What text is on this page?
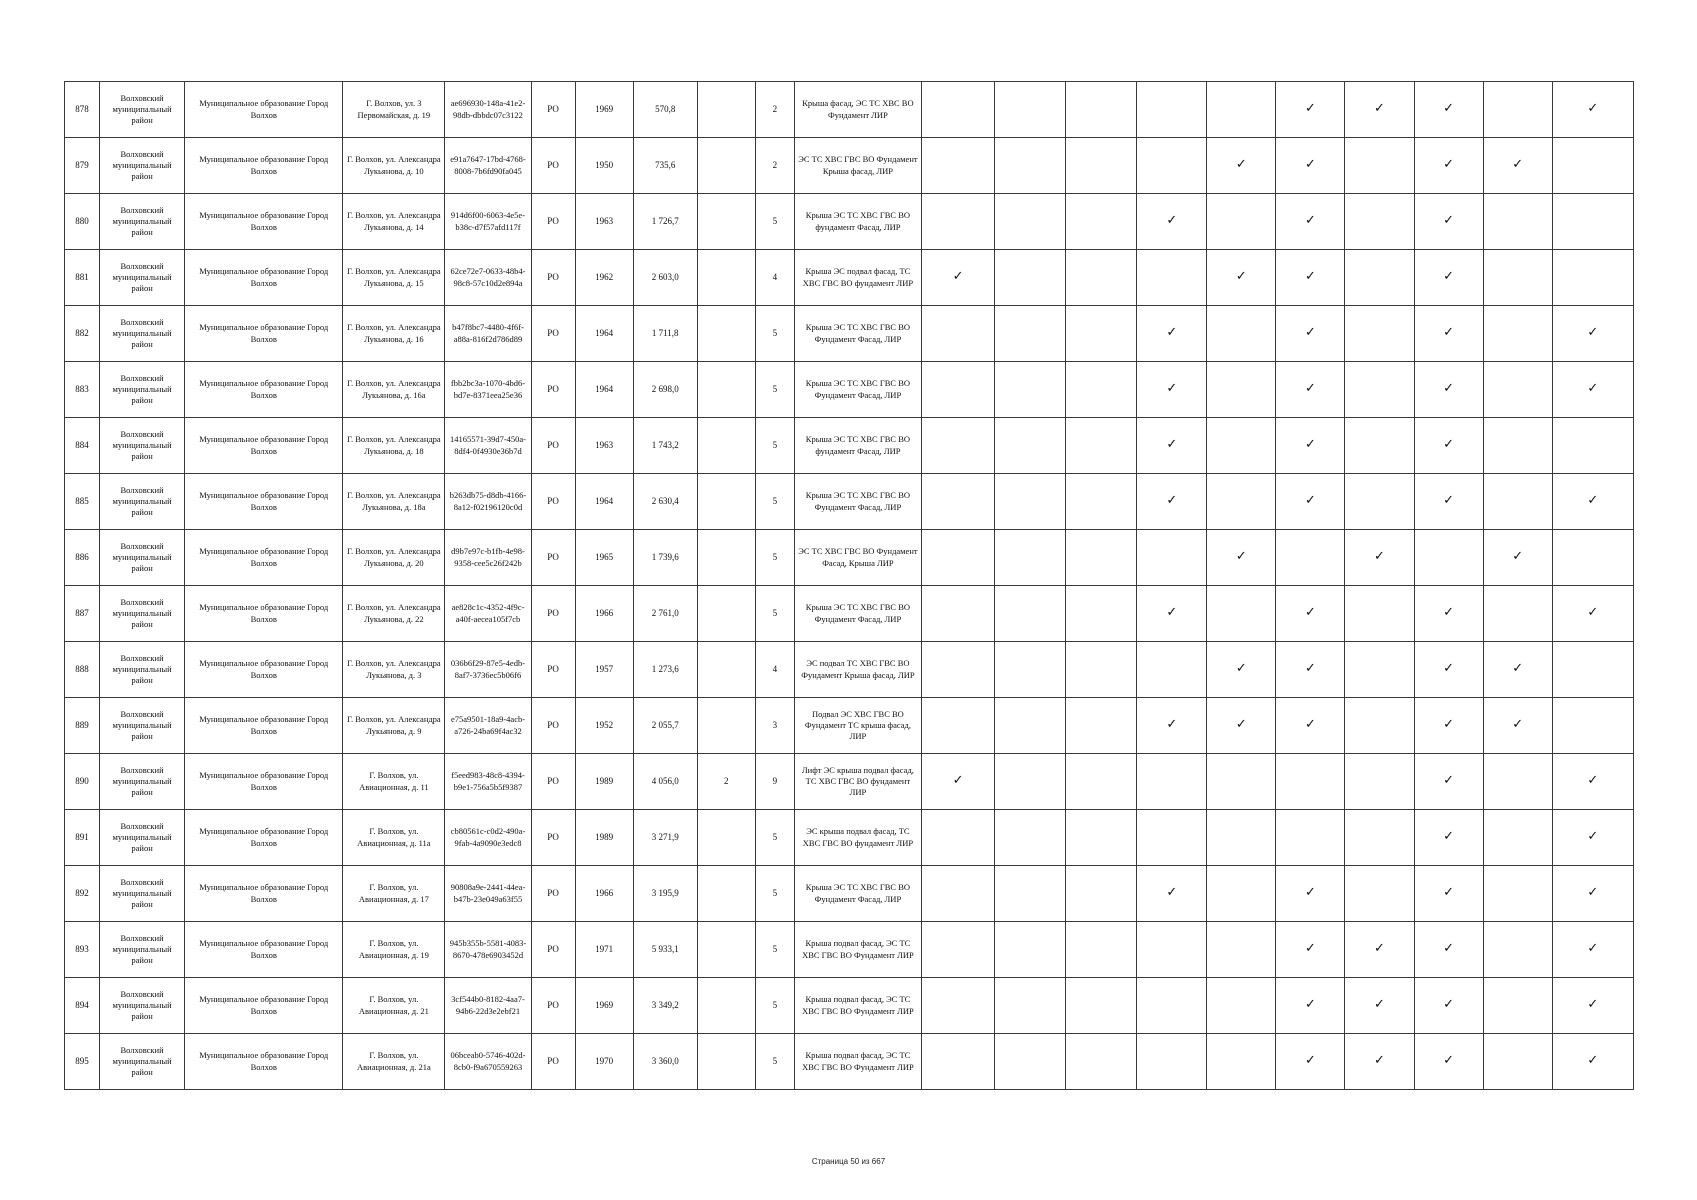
878	Волховский муниципальный район	Муниципальное образование Город Волхов	Г. Волхов, ул. 3 Первомайская, д. 19	ae696930-148a-41e2-98db-dbbdc07c3122	РО	1969	570,8		2	Крыша фасад, ЭС ТС ХВС ВО Фундамент ЛИР						✓	✓	✓		✓
879	Волховский муниципальный район	Муниципальное образование Город Волхов	Г. Волхов, ул. Александра Лукьянова, д. 10	e91a7647-17bd-4768-8008-7b6fd90fa045	РО	1950	735,6		2	ЭС ТС ХВС ГВС ВО Фундамент Крыша фасад, ЛИР					✓	✓		✓	✓	
880	Волховский муниципальный район	Муниципальное образование Город Волхов	Г. Волхов, ул. Александра Лукьянова, д. 14	914d6f00-6063-4e5e-b38c-d7f57afd117f	РО	1963	1 726,7		5	Крыша ЭС ТС ХВС ГВС ВО фундамент Фасад, ЛИР				✓		✓		✓		
881	Волховский муниципальный район	Муниципальное образование Город Волхов	Г. Волхов, ул. Александра Лукьянова, д. 15	62ce72e7-0633-48b4-98c8-57c10d2e894a	РО	1962	2 603,0		4	Крыша ЭС подвал фасад, ТС ХВС ГВС ВО фундамент ЛИР	✓				✓	✓		✓		
882	Волховский муниципальный район	Муниципальное образование Город Волхов	Г. Волхов, ул. Александра Лукьянова, д. 16	b47f8bc7-4480-4f6f-a88a-816f2d786d89	РО	1964	1 711,8		5	Крыша ЭС ТС ХВС ГВС ВО Фундамент Фасад, ЛИР				✓		✓		✓		✓
883	Волховский муниципальный район	Муниципальное образование Город Волхов	Г. Волхов, ул. Александра Лукьянова, д. 16а	fbb2bc3a-1070-4bd6-bd7e-8371eea25e36	РО	1964	2 698,0		5	Крыша ЭС ТС ХВС ГВС ВО Фундамент Фасад, ЛИР				✓		✓		✓		✓
884	Волховский муниципальный район	Муниципальное образование Город Волхов	Г. Волхов, ул. Александра Лукьянова, д. 18	14165571-39d7-450a-8df4-0f4930e36b7d	РО	1963	1 743,2		5	Крыша ЭС ТС ХВС ГВС ВО фундамент Фасад, ЛИР				✓		✓		✓		
885	Волховский муниципальный район	Муниципальное образование Город Волхов	Г. Волхов, ул. Александра Лукьянова, д. 18а	b263db75-d8db-4166-8a12-f02196120c0d	РО	1964	2 630,4		5	Крыша ЭС ТС ХВС ГВС ВО Фундамент Фасад, ЛИР				✓		✓		✓		✓
886	Волховский муниципальный район	Муниципальное образование Город Волхов	Г. Волхов, ул. Александра Лукьянова, д. 20	d9b7e97c-b1fb-4e98-9358-cee5c26f242b	РО	1965	1 739,6		5	ЭС ТС ХВС ГВС ВО Фундамент Фасад, Крыша ЛИР					✓		✓		✓	
887	Волховский муниципальный район	Муниципальное образование Город Волхов	Г. Волхов, ул. Александра Лукьянова, д. 22	ae828c1c-4352-4f9c-a40f-aecea105f7cb	РО	1966	2 761,0		5	Крыша ЭС ТС ХВС ГВС ВО Фундамент Фасад, ЛИР				✓		✓		✓		✓
888	Волховский муниципальный район	Муниципальное образование Город Волхов	Г. Волхов, ул. Александра Лукьянова, д. 3	036b6f29-87e5-4edb-8af7-3736ec5b06f6	РО	1957	1 273,6		4	ЭС подвал ТС ХВС ГВС ВО Фундамент Крыша фасад, ЛИР					✓	✓		✓	✓	
889	Волховский муниципальный район	Муниципальное образование Город Волхов	Г. Волхов, ул. Александра Лукьянова, д. 9	e75a9501-18a9-4acb-a726-24ba69f4ac32	РО	1952	2 055,7		3	Подвал ЭС ХВС ГВС ВО Фундамент ТС крыша фасад, ЛИР				✓	✓	✓		✓	✓	
890	Волховский муниципальный район	Муниципальное образование Город Волхов	Г. Волхов, ул. Авиационная, д. 11	f5eed983-48c8-4394-b9e1-756a5b5f9387	РО	1989	4 056,0	2	9	Лифт ЭС крыша подвал фасад, ТС ХВС ГВС ВО фундамент ЛИР	✓							✓		✓
891	Волховский муниципальный район	Муниципальное образование Город Волхов	Г. Волхов, ул. Авиационная, д. 11а	cb80561c-c0d2-490a-9fab-4a9090e3edc8	РО	1989	3 271,9		5	ЭС крыша подвал фасад, ТС ХВС ГВС ВО фундамент ЛИР								✓		✓
892	Волховский муниципальный район	Муниципальное образование Город Волхов	Г. Волхов, ул. Авиационная, д. 17	90808a9e-2441-44ea-b47b-23e049a63f55	РО	1966	3 195,9		5	Крыша ЭС ТС ХВС ГВС ВО Фундамент Фасад, ЛИР				✓		✓		✓		✓
893	Волховский муниципальный район	Муниципальное образование Город Волхов	Г. Волхов, ул. Авиационная, д. 19	945b355b-5581-4083-8670-478e6903452d	РО	1971	5 933,1		5	Крыша подвал фасад, ЭС ТС ХВС ГВС ВО Фундамент ЛИР						✓	✓	✓		✓
894	Волховский муниципальный район	Муниципальное образование Город Волхов	Г. Волхов, ул. Авиационная, д. 21	3cf544b0-8182-4aa7-94b6-22d3e2ebf21	РО	1969	3 349,2		5	Крыша подвал фасад, ЭС ТС ХВС ГВС ВО Фундамент ЛИР						✓	✓	✓		✓
895	Волховский муниципальный район	Муниципальное образование Город Волхов	Г. Волхов, ул. Авиационная, д. 21а	06bceab0-5746-402d-8cb0-f9a670559263	РО	1970	3 360,0		5	Крыша подвал фасад, ЭС ТС ХВС ГВС ВО Фундамент ЛИР						✓	✓	✓		✓
Страница 50 из 667
